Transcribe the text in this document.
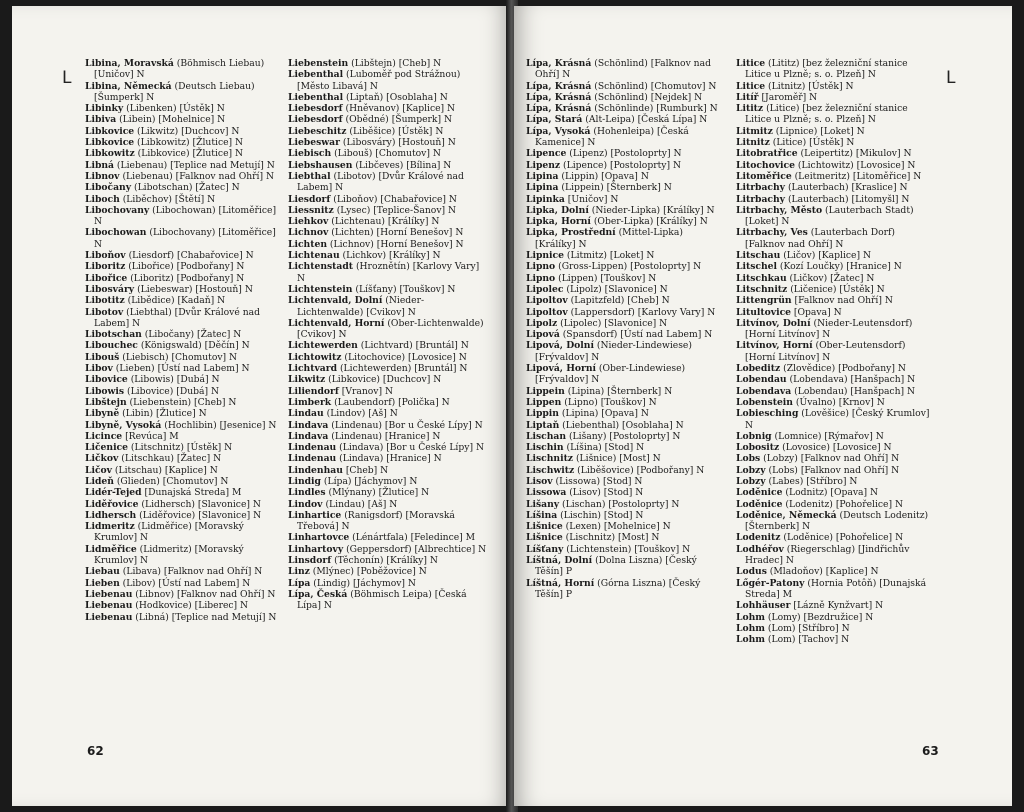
L
Libina, Moravská (Böhmisch Liebau) [Uničov] N
Libina, Německá (Deutsch Liebau) [Šumperk] N
Libinky (Libenken) [Ústěk] N
Libiva (Libein) [Mohelnice] N
Libkovice (Likwitz) [Duchcov] N
Libkovice (Libkowitz) [Žlutice] N
Libkowitz (Libkovice) [Žlutice] N
Libná (Liebenau) [Teplice nad Metují] N
Libnov (Liebenau) [Falknov nad Ohří] N
Libočany (Libotschan) [Žatec] N
Liboch (Liběchov) [Štětí] N
Libochovany (Libochowan) [Litoměřice] N
Libochowan (Libochovany) [Litoměřice] N
Liboňov (Liesdorf) [Chabařovice] N
Liboritz (Libořice) [Podbořany] N
Libořice (Liboritz) [Podbořany] N
Libosváry (Liebeswar) [Hostouň] N
Libotitz (Libědice) [Kadaň] N
Libotov (Liebthal) [Dvůr Králové nad Labem] N
Libotschan (Libočany) [Žatec] N
Libouchec (Königswald) [Děčín] N
Libouš (Liebisch) [Chomutov] N
Libov (Lieben) [Ústí nad Labem] N
Libovice (Libowis) [Dubá] N
Libowis (Libovice) [Dubá] N
Libštejn (Liebenstein) [Cheb] N
Libyně (Libin) [Žlutice] N
Libyně, Vysoká (Hochlibin) [Jesenice] N
Licince [Revúca] M
Ličenice (Litschnitz) [Ústěk] N
Ličkov (Litschkau) [Žatec] N
Ličov (Litschau) [Kaplice] N
Lideň (Glieden) [Chomutov] N
Lidér-Tejed [Dunajská Streda] M
Liděřovice (Lidhersch) [Slavonice] N
Lidhersch (Liděřovice) [Slavonice] N
Lidmeritz (Lidměřice) [Moravský Krumlov] N
Lidměřice (Lidmeritz) [Moravský Krumlov] N
Liebau (Libava) [Falknov nad Ohří] N
Lieben (Libov) [Ústí nad Labem] N
Liebenau (Libnov) [Falknov nad Ohří] N
Liebenau (Hodkovice) [Liberec] N
Liebenau (Libná) [Teplice nad Metují] N
Liebenstein (Libštejn) [Cheb] N
Liebenthal (Luboměř pod Strážnou) [Město Libavá] N
Liebenthal (Liptaň) [Osoblaha] N
Liebesdorf (Hněvanov) [Kaplice] N
Liebesdorf (Obědné) [Šumperk] N
Liebeschitz (Liběšice) [Ústěk] N
Liebeswar (Libosváry) [Hostouň] N
Liebisch (Libouš) [Chomutov] N
Liebshausen (Libčeves) [Bílina] N
Liebthal (Libotov) [Dvůr Králové nad Labem] N
Liesdorf (Liboňov) [Chabařovice] N
Liessnitz (Lysec) [Teplice-Šanov] N
Liehkov (Lichtenau) [Králíky] N
Lichnov (Lichten) [Horní Benešov] N
Lichten (Lichnov) [Horní Benešov] N
Lichtenau (Lichkov) [Králíky] N
Lichtenstadt (Hroznětín) [Karlovy Vary] N
Lichtenstein (Líšťany) [Touškov] N
Lichtenvald, Dolní (Nieder-Lichtenwalde) [Cvikov] N
Lichtenvald, Horní (Ober-Lichtenwalde) [Cvikov] N
Lichtewerden (Lichtvard) [Bruntál] N
Lichtowitz (Litochovice) [Lovosice] N
Lichtvard (Lichtewerden) [Bruntál] N
Likwitz (Libkovice) [Duchcov] N
Liliendorf [Vranov] N
Limberk (Laubendorf) [Polička] N
Lindau (Lindov) [Aš] N
Lindava (Lindenau) [Bor u České Lípy] N
Lindava (Lindenau) [Hranice] N
Lindenau (Lindava) [Bor u České Lípy] N
Lindenau (Lindava) [Hranice] N
Lindenhau [Cheb] N
Lindig (Lípa) [Jáchymov] N
Lindles (Mlýnany) [Žlutice] N
Lindov (Lindau) [Aš] N
Linhartice (Ranigsdorf) [Moravská Třebová] N
Linhartovce (Lénártfala) [Feledince] M
Linhartovy (Geppersdorf) [Albrechtice] N
Linsdorf (Těchonín) [Králíky] N
Linz (Mlýnec) [Poběžovice] N
Lípa (Lindig) [Jáchymov] N
Lípa, Česká (Böhmisch Leipa) [Česká Lípa] N
62
Lípa, Krásná (Schönlind) [Falknov nad Ohří] N
Lípa, Krásná (Schönlind) [Chomutov] N
Lípa, Krásná (Schönlind) [Nejdek] N
Lípa, Krásná (Schönlinde) [Rumburk] N
Lípa, Stará (Alt-Leipa) [Česká Lípa] N
Lípa, Vysoká (Hohenleipa) [Česká Kamenice] N
Lipence (Lipenz) [Postoloprty] N
Lipenz (Lipence) [Postoloprty] N
Lipina (Lippin) [Opava] N
Lipina (Lippein) [Šternberk] N
Lipinka [Uničov] N
Lipka, Dolní (Nieder-Lipka) [Králíky] N
Lipka, Horní (Ober-Lipka) [Králíky] N
Lipka, Prostřední (Mittel-Lipka) [Králíky] N
Lipnice (Litmitz) [Loket] N
Lipno (Gross-Lippen) [Postoloprty] N
Lipno (Lippen) [Touškov] N
Lipolec (Lipolz) [Slavonice] N
Lipoltov (Lapitzfeld) [Cheb] N
Lipoltov (Lappersdorf) [Karlovy Vary] N
Lipolz (Lipolec) [Slavonice] N
Lipová (Spansdorf) [Ústí nad Labem] N
Lipová, Dolní (Nieder-Lindewiese) [Frývaldov] N
Lipová, Horní (Ober-Lindewiese) [Frývaldov] N
Lippein (Lipina) [Šternberk] N
Lippen (Lipno) [Touškov] N
Lippin (Lipina) [Opava] N
Liptaň (Liebenthal) [Osoblaha] N
Lischan (Lišany) [Postoloprty] N
Lischin (Líšina) [Stod] N
Lischnitz (Lišnice) [Most] N
Lischwitz (Liběšovice) [Podbořany] N
Lisov (Lissowa) [Stod] N
Lissowa (Lisov) [Stod] N
Lišany (Lischan) [Postoloprty] N
Líšina (Lischin) [Stod] N
Lišnice (Lexen) [Mohelnice] N
Lišnice (Lischnitz) [Most] N
Líšťany (Lichtenstein) [Touškov] N
Líštná, Dolní (Dolna Liszna) [Český Těšín] P
Líštná, Horní (Górna Liszna) [Český Těšín] P
Litice (Lititz) [bez železniční stanice Litice u Plzně; s. o. Plzeň] N
Litice (Litnitz) [Ústěk] N
Litíř [Jaroměř] N
Lititz (Litice) [bez železniční stanice Litice u Plzně; s. o. Plzeň] N
Litmitz (Lipnice) [Loket] N
Litnitz (Litice) [Ústěk] N
Litobratřice (Leipertitz) [Mikulov] N
Litochovice (Lichtowitz) [Lovosice] N
Litoměřice (Leitmeritz) [Litoměřice] N
Litrbachy (Lauterbach) [Kraslice] N
Litrbachy (Lauterbach) [Litomyšl] N
Litrbachy, Město (Lauterbach Stadt) [Loket] N
Litrbachy, Ves (Lauterbach Dorf) [Falknov nad Ohří] N
Litschau (Ličov) [Kaplice] N
Litschel (Kozí Loučky) [Hranice] N
Litschkau (Ličkov) [Žatec] N
Litschnitz (Ličenice) [Ústěk] N
Littengrün [Falknov nad Ohří] N
Litultovice [Opava] N
Litvínov, Dolní (Nieder-Leutensdorf) [Horní Litvínov] N
Litvínov, Horní (Ober-Leutensdorf) [Horní Litvínov] N
Lobeditz (Zlovědice) [Podbořany] N
Lobendau (Lobendava) [Hanšpach] N
Lobendava (Lobendau) [Hanšpach] N
Lobenstein (Úvalno) [Krnov] N
Lobiesching (Lověšice) [Český Krumlov] N
Lobnig (Lomnice) [Rýmařov] N
Lobositz (Lovosice) [Lovosice] N
Lobs (Lobzy) [Falknov nad Ohří] N
Lobzy (Lobs) [Falknov nad Ohří] N
Lobzy (Labes) [Stříbro] N
Loděnice (Lodnitz) [Opava] N
Loděnice (Lodenitz) [Pohořelice] N
Loděnice, Německá (Deutsch Lodenitz) [Šternberk] N
Lodenitz (Loděnice) [Pohořelice] N
Lodhéřov (Riegerschlag) [Jindřichův Hradec] N
Lodus (Mladoňov) [Kaplice] N
Lőgér-Patony (Hornia Potôň) [Dunajská Streda] M
Lohhäuser [Lázně Kynžvart] N
Lohm (Lomy) [Bezdružice] N
Lohm (Lom) [Stříbro] N
Lohm (Lom) [Tachov] N
L
63
